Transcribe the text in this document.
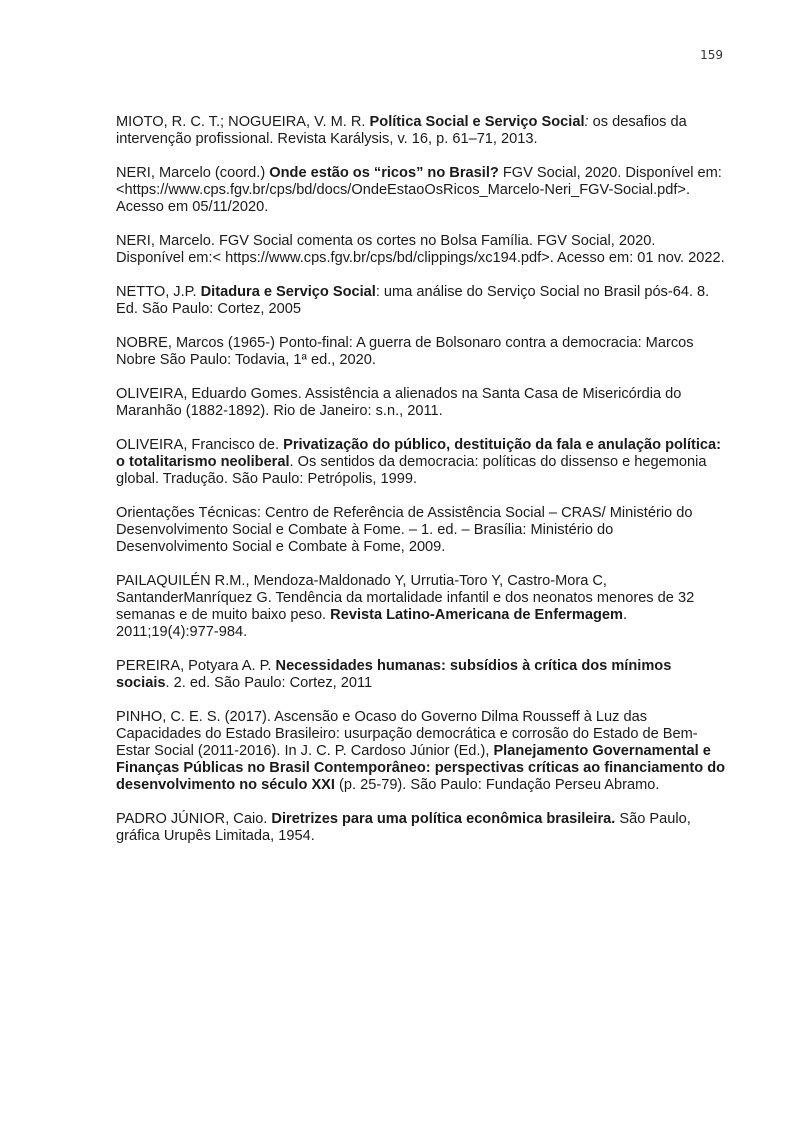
159

MIOTO, R. C. T.; NOGUEIRA, V. M. R. Política Social e Serviço Social: os desafios da intervenção profissional. Revista Karálysis, v. 16, p. 61–71, 2013.

NERI, Marcelo (coord.) Onde estão os “ricos” no Brasil? FGV Social, 2020. Disponível em: <https://www.cps.fgv.br/cps/bd/docs/OndeEstaoOsRicos_Marcelo-Neri_FGV-Social.pdf>. Acesso em 05/11/2020.

NERI, Marcelo. FGV Social comenta os cortes no Bolsa Família. FGV Social, 2020. Disponível em:< https://www.cps.fgv.br/cps/bd/clippings/xc194.pdf>. Acesso em: 01 nov. 2022.

NETTO, J.P. Ditadura e Serviço Social: uma análise do Serviço Social no Brasil pós-64. 8. Ed. São Paulo: Cortez, 2005

NOBRE, Marcos (1965-) Ponto-final: A guerra de Bolsonaro contra a democracia: Marcos Nobre São Paulo: Todavia, 1ª ed., 2020.

OLIVEIRA, Eduardo Gomes. Assistência a alienados na Santa Casa de Misericórdia do Maranhão (1882-1892). Rio de Janeiro: s.n., 2011.

OLIVEIRA, Francisco de. Privatização do público, destituição da fala e anulação política: o totalitarismo neoliberal. Os sentidos da democracia: políticas do dissenso e hegemonia global. Tradução. São Paulo: Petrópolis, 1999.

Orientações Técnicas: Centro de Referência de Assistência Social – CRAS/ Ministério do Desenvolvimento Social e Combate à Fome. – 1. ed. – Brasília: Ministério do Desenvolvimento Social e Combate à Fome, 2009.

PAILAQUILÉN R.M., Mendoza-Maldonado Y, Urrutia-Toro Y, Castro-Mora C, SantanderManríquez G. Tendência da mortalidade infantil e dos neonatos menores de 32 semanas e de muito baixo peso. Revista Latino-Americana de Enfermagem. 2011;19(4):977-984.

PEREIRA, Potyara A. P. Necessidades humanas: subsídios à crítica dos mínimos sociais. 2. ed. São Paulo: Cortez, 2011

PINHO, C. E. S. (2017). Ascensão e Ocaso do Governo Dilma Rousseff à Luz das Capacidades do Estado Brasileiro: usurpação democrática e corrosão do Estado de Bem-Estar Social (2011-2016). In J. C. P. Cardoso Júnior (Ed.), Planejamento Governamental e Finanças Públicas no Brasil Contemporâneo: perspectivas críticas ao financiamento do desenvolvimento no século XXI (p. 25-79). São Paulo: Fundação Perseu Abramo.

PADRO JÚNIOR, Caio. Diretrizes para uma política econômica brasileira. São Paulo, gráfica Urupês Limitada, 1954.
